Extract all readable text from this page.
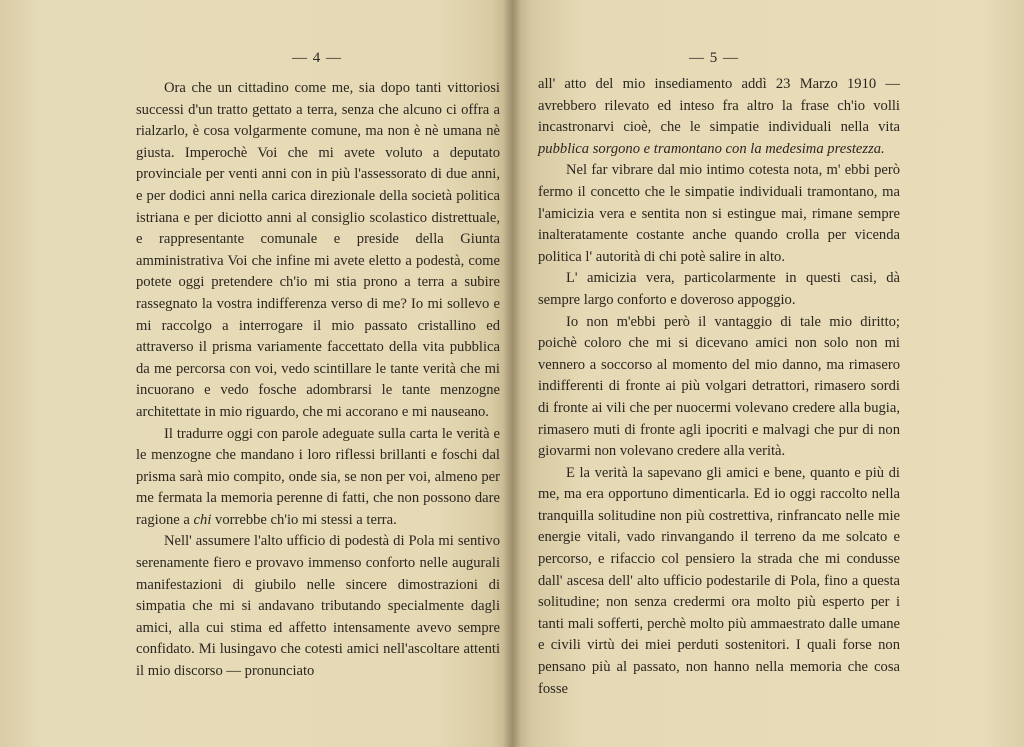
— 4 —

Ora che un cittadino come me, sia dopo tanti vittoriosi successi d'un tratto gettato a terra, senza che alcuno ci offra a rialzarlo, è cosa volgarmente comune, ma non è nè umana nè giusta. Imperochè Voi che mi avete voluto a deputato provinciale per venti anni con in più l'assessorato di due anni, e per dodici anni nella carica direzionale della società politica istriana e per diciotto anni al consiglio scolastico distrettuale, e rappresentante comunale e preside della Giunta amministrativa Voi che infine mi avete eletto a podestà, come potete oggi pretendere ch'io mi stia prono a terra a subire rassegnato la vostra indifferenza verso di me? Io mi sollevo e mi raccolgo a interrogare il mio passato cristallino ed attraverso il prisma variamente faccettato della vita pubblica da me percorsa con voi, vedo scintillare le tante verità che mi incuorano e vedo fosche adombrarsi le tante menzogne architettate in mio riguardo, che mi accorano e mi nauseano.

Il tradurre oggi con parole adeguate sulla carta le verità e le menzogne che mandano i loro riflessi brillanti e foschi dal prisma sarà mio compito, onde sia, se non per voi, almeno per me fermata la memoria perenne di fatti, che non possono dare ragione a chi vorrebbe ch'io mi stessi a terra.

Nell' assumere l'alto ufficio di podestà di Pola mi sentivo serenamente fiero e provavo immenso conforto nelle augurali manifestazioni di giubilo nelle sincere dimostrazioni di simpatia che mi si andavano tributando specialmente dagli amici, alla cui stima ed affetto intensamente avevo sempre confidato. Mi lusingavo che cotesti amici nell'ascoltare attenti il mio discorso — pronunciato

— 5 —

all' atto del mio insediamento addì 23 Marzo 1910 — avrebbero rilevato ed inteso fra altro la frase ch'io volli incastronarvi cioè, che le simpatie individuali nella vita pubblica sorgono e tramontano con la medesima prestezza.

Nel far vibrare dal mio intimo cotesta nota, m' ebbi però fermo il concetto che le simpatie individuali tramontano, ma l'amicizia vera e sentita non si estingue mai, rimane sempre inalteratamente costante anche quando crolla per vicenda politica l' autorità di chi potè salire in alto.

L' amicizia vera, particolarmente in questi casi, dà sempre largo conforto e doveroso appoggio.

Io non m'ebbi però il vantaggio di tale mio diritto; poichè coloro che mi si dicevano amici non solo non mi vennero a soccorso al momento del mio danno, ma rimasero indifferenti di fronte ai più volgari detrattori, rimasero sordi di fronte ai vili che per nuocermi volevano credere alla bugia, rimasero muti di fronte agli ipocriti e malvagi che pur di non giovarmi non volevano credere alla verità.

E la verità la sapevano gli amici e bene, quanto e più di me, ma era opportuno dimenticarla. Ed io oggi raccolto nella tranquilla solitudine non più costrettiva, rinfrancato nelle mie energie vitali, vado rinvangando il terreno da me solcato e percorso, e rifaccio col pensiero la strada che mi condusse dall' ascesa dell' alto ufficio podestarile di Pola, fino a questa solitudine; non senza credermi ora molto più esperto per i tanti mali sofferti, perchè molto più ammaestrato dalle umane e civili virtù dei miei perduti sostenitori. I quali forse non pensano più al passato, non hanno nella memoria che cosa fosse
